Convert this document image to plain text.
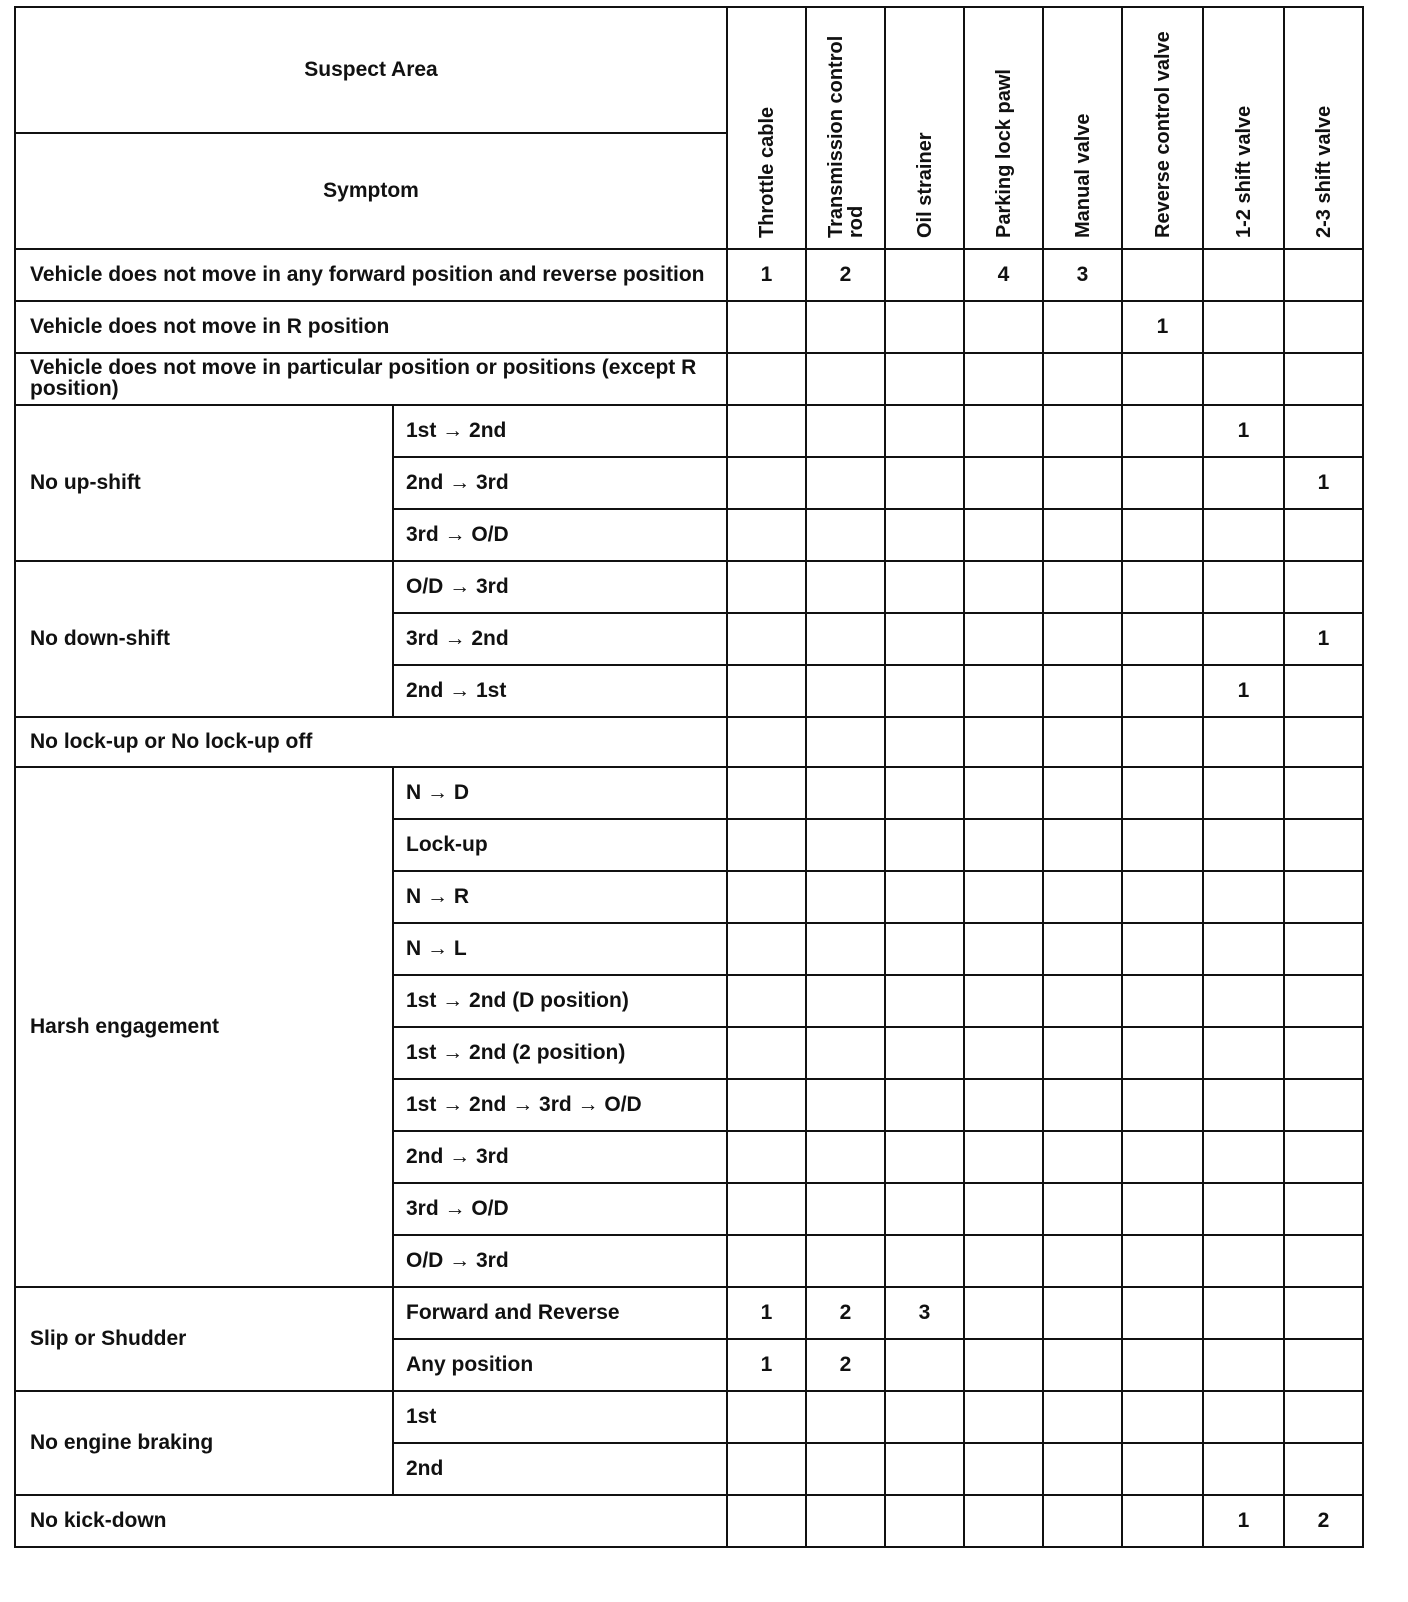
Suspect Area		Throttle cable	Transmission control rod	Oil strainer	Parking lock pawl	Manual valve	Reverse control valve	1-2 shift valve	2-3 shift valve

Symptom									
Vehicle does not move in any forward position and reverse position		1	2		4	3			
Vehicle does not move in R position							1		
Vehicle does not move in particular position or positions (except R position)									
No up-shift	1st → 2nd							1	
	2nd → 3rd								1
	3rd → O/D								
No down-shift	O/D → 3rd								
	3rd → 2nd								1
	2nd → 1st							1	
No lock-up or No lock-up off									
Harsh engagement	N → D								
	Lock-up								
	N → R								
	N → L								
	1st → 2nd (D position)								
	1st → 2nd (2 position)								
	1st → 2nd → 3rd → O/D								
	2nd → 3rd								
	3rd → O/D								
	O/D → 3rd								
Slip or Shudder	Forward and Reverse	1	2	3					
	Any position	1	2						
No engine braking	1st								
	2nd								
No kick-down								1	2
